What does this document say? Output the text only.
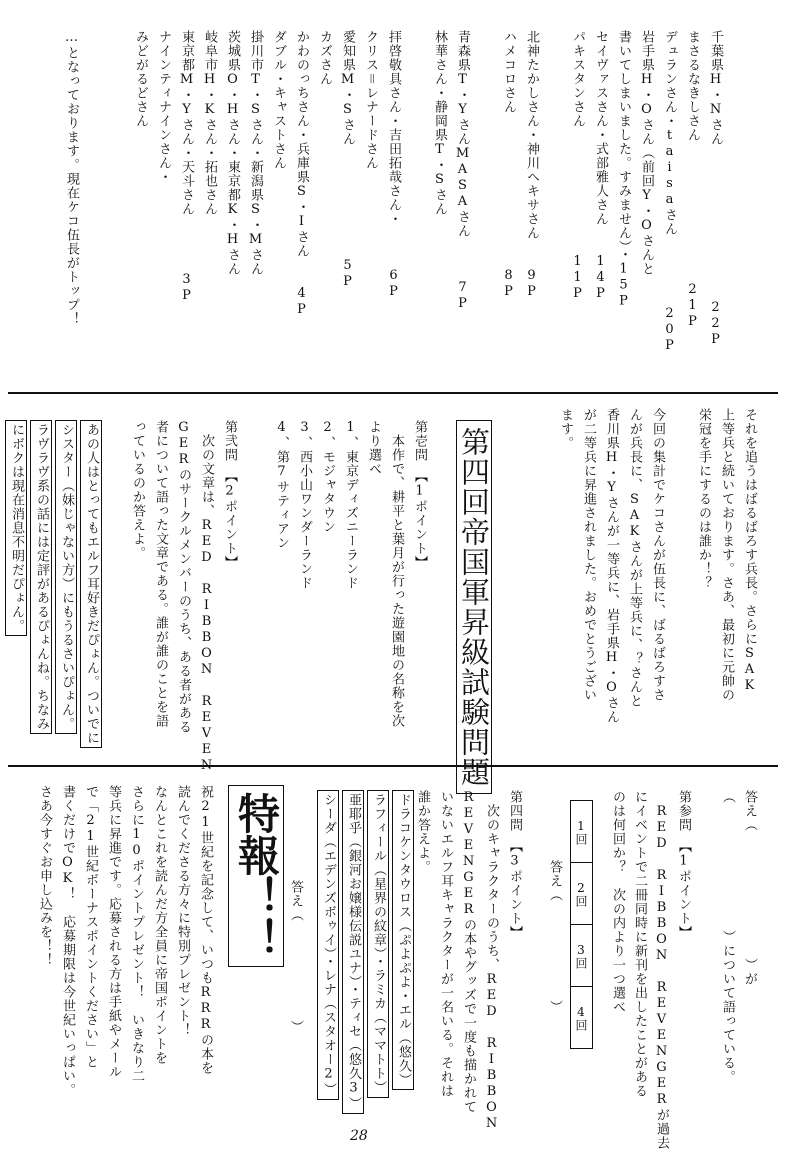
千葉県H・Nさん　　　　　　　　　　　22P
まさるなきしさん　　　　　　　　　　21P
デュランさん・taisaさん　　　　　20P
岩手県H・Oさん（前回Y・Oさんと
書いてしまいました。すみません）・15P
セイヴァスさん・式部雅人さん　　14P
パキスタンさん　　　　　　　　　11P
北神たかしさん・神川ヘキサさん　　9P
ハメコロさん　　　　　　　　　　　8P
青森県T・YさんMASAさん　　　7P
林華さん・静岡県T・Sさん
拝啓敬具さん・吉田拓哉さん・　　　6P
クリス＝レナードさん
愛知県M・Sさん　　　　　　　　5P
カズさん
かわのっちさん・兵庫県S・Iさん　　4P
ダブル・キャストさん
掛川市T・Sさん・新潟県S・Mさん
茨城県O・Hさん・東京都K・Hさん
岐阜市H・Kさん・拓也さん
東京都M・Yさん・天斗さん　　　　3P
ナインティナインさん・
みどがるどさん
…となっております。現在ケコ伍長がトップ！
それを追うはばるばろす兵長。さらにSAK
上等兵と続いております。さあ、最初に元帥の
栄冠を手にするのは誰か！？
今回の集計でケコさんが伍長に、ばるばろすさ
んが兵長に、SAKさんが上等兵に、？さんと
香川県H・Yさんが一等兵に、岩手県H・Oさん
が二等兵に昇進されました。おめでとうござい
ます。
第四回帝国軍昇級試験問題
第壱問　【1ポイント】
　本作で、耕平と葉月が行った遊園地の名称を次
より選べ
1、東京ディズニーランド
2、モジャタウン
3、西小山ワンダーランド
4、第7サティアン
第弐問　【2ポイント】
　次の文章は、RED RIBBON REVEN
GERのサークルメンバーのうち、ある者がある
者について語った文章である。誰が誰のことを語
っているのか答えよ。
あの人はとってもエルフ耳好きだぴょん。ついでに
シスター（妹じゃない方）にもうるさいぴょん。
ラヴラヴ系の話には定評があるぴょんね。ちなみ
にボクは現在消息不明だぴょん。
答え（　　　　　　　　　）が
（　　　　　　　　　）について語っている。
第参問　【1ポイント】
　RED RIBBON REVENGERが過去
にイベントで二冊同時に新刊を出したことがある
のは何回か？　次の内より一つ選べ
1回
2回
3回
4回
答え（　　　　　　　）
第四問　【3ポイント】
　次のキャラクターのうち、RED RIBBON
REVENGERの本やグッズで一度も描かれて
いないエルフ耳キャラクターが一名いる。それは
誰か答えよ。
ドラコケンタウロス（ぷよぷよ・エル（悠久）
ラフィール（星界の紋章）・ラミカ（ママトト）
亜耶乎（銀河お嬢様伝説ユナ）・ティセ（悠久3）
シーダ（エデンズボゥイ）・レナ（スタオー2）
答え（　　　　　　　）
特報！！
祝21世紀を記念して、いつもRRRの本を
読んでくださる方々に特別プレゼント！
なんとこれを読んだ方全員に帝国ポイントを
さらに10ポイントプレゼント！　いきなり二
等兵に昇進です。応募される方は手紙やメール
で「21世紀ボーナスポイントください」と
書くだけでOK！　応募期限は今世紀いっぱい。
さあ今すぐお申し込みを！！
28
